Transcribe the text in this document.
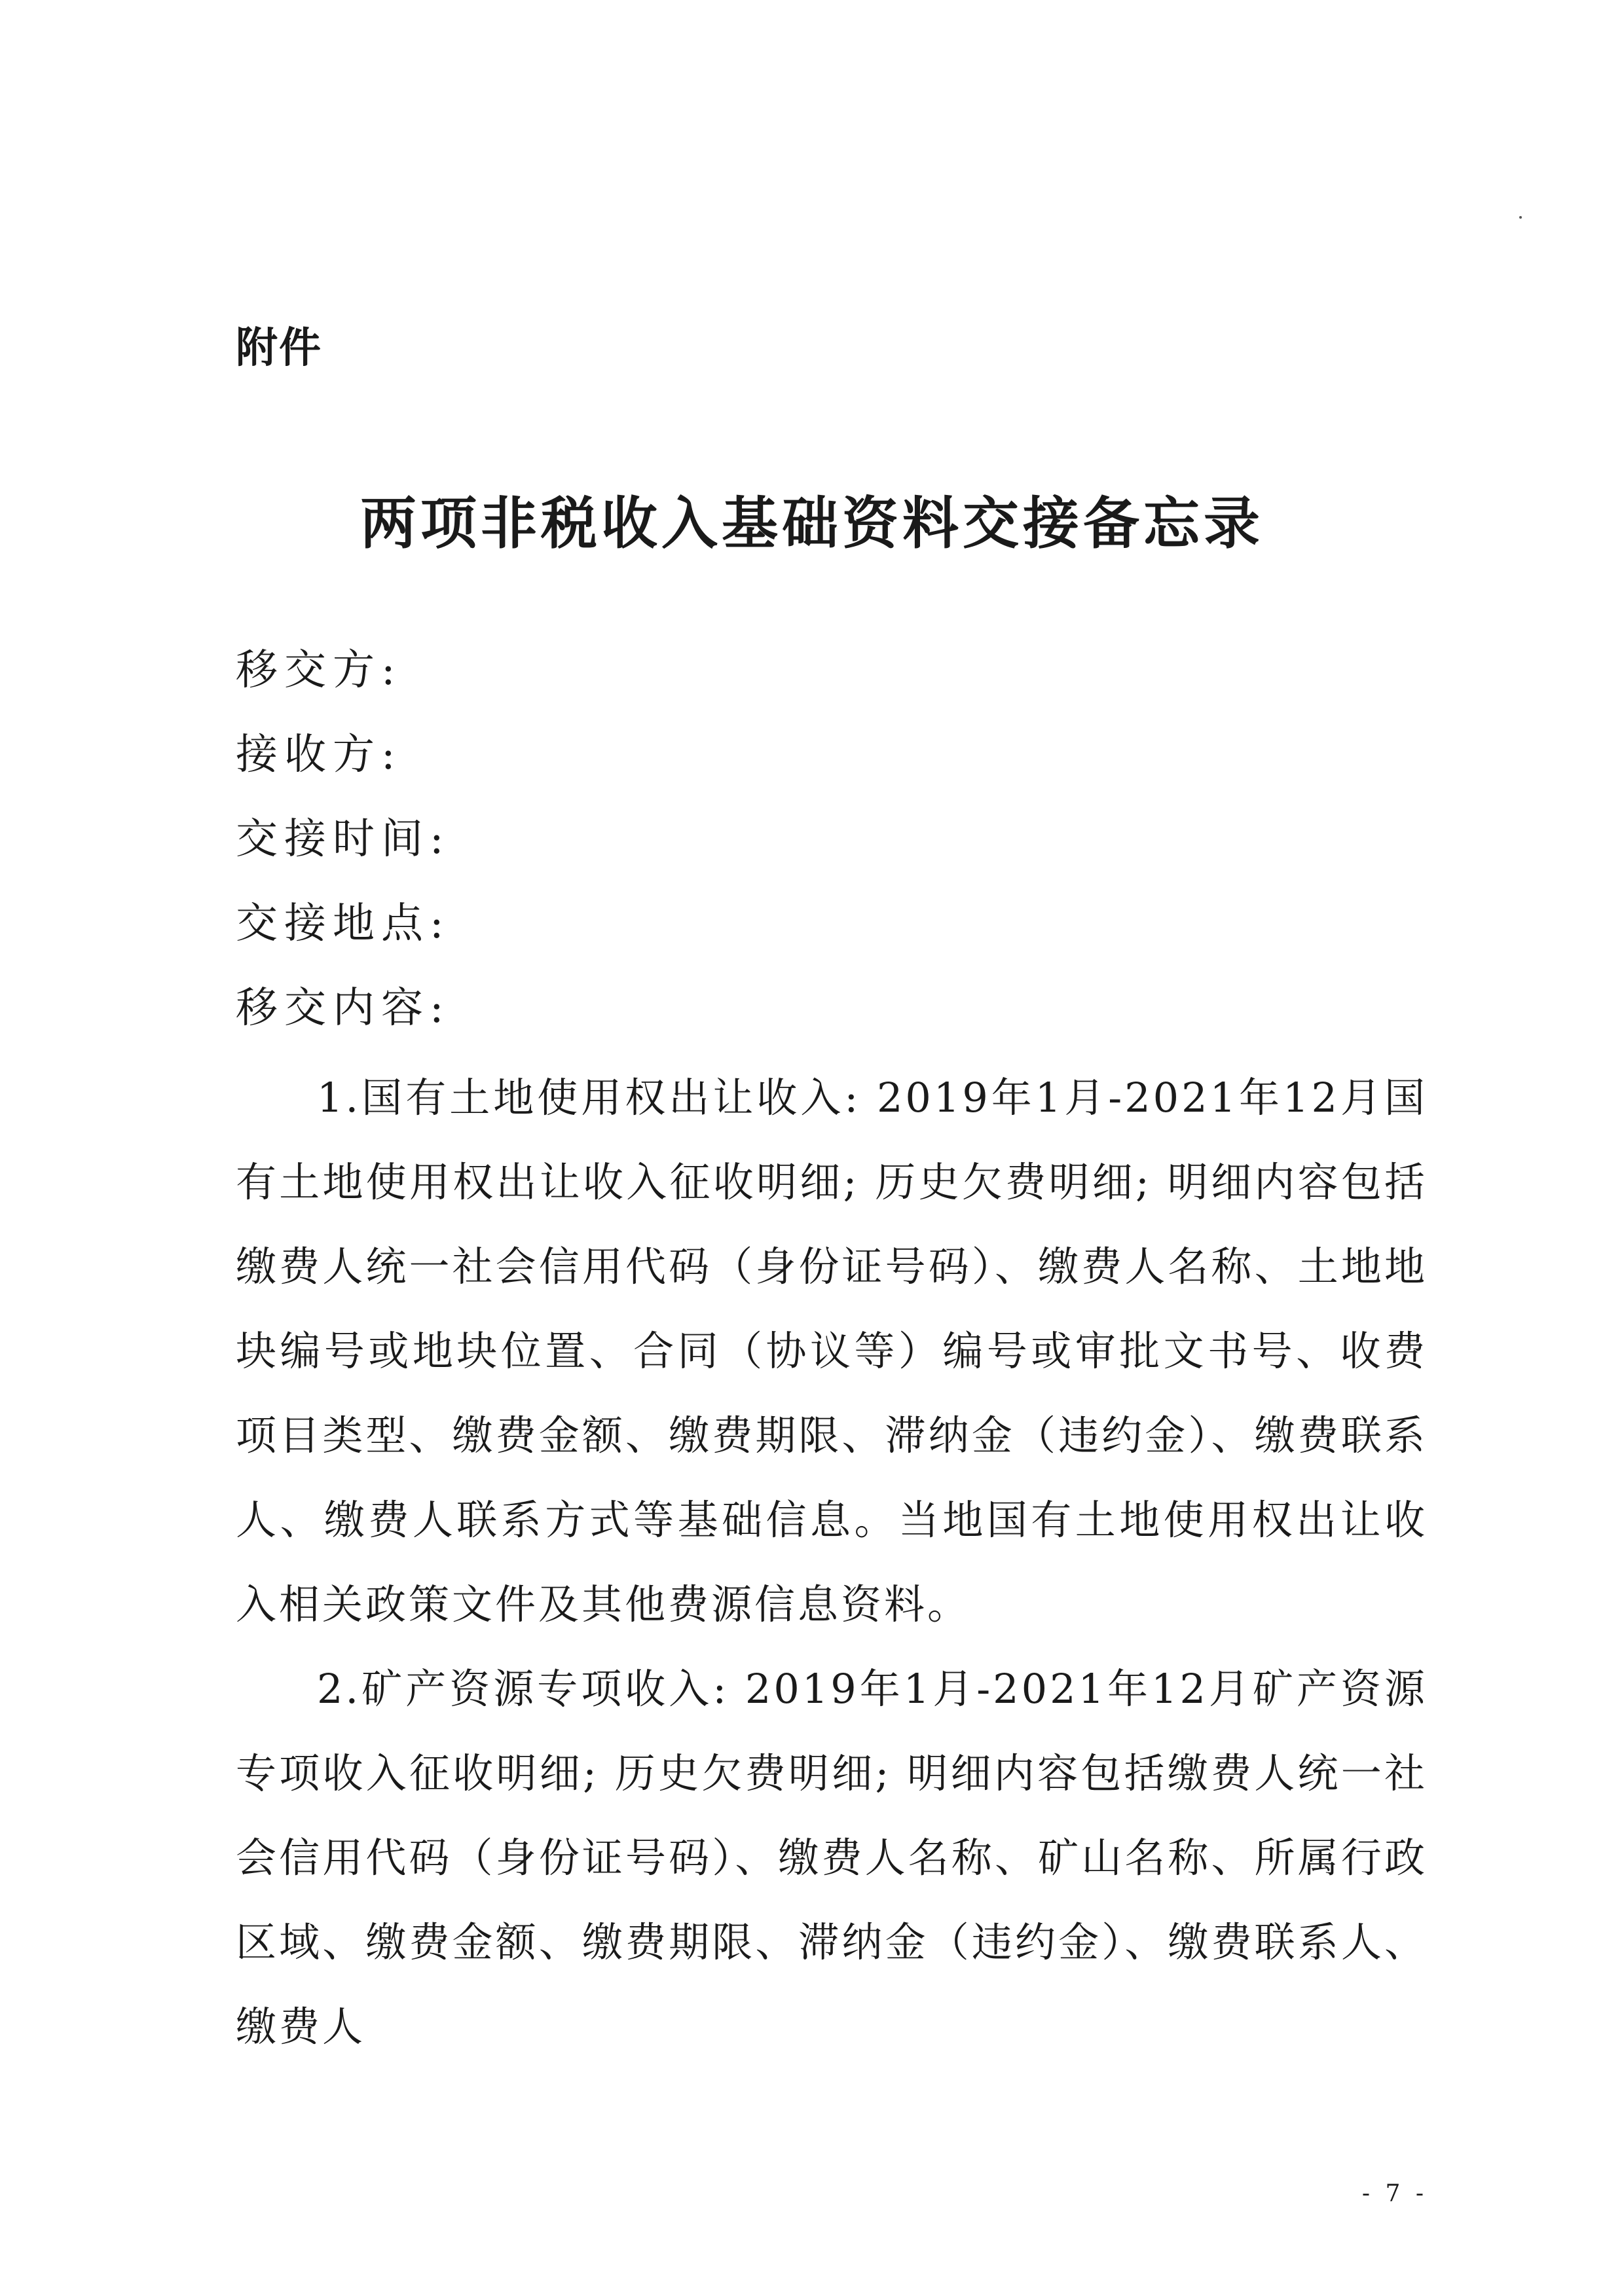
附件
两项非税收入基础资料交接备忘录
移交方:
接收方:
交接时间:
交接地点:
移交内容:

1.国有土地使用权出让收入: 2019年1月-2021年12月国有土地使用权出让收入征收明细; 历史欠费明细; 明细内容包括缴费人统一社会信用代码（身份证号码）、缴费人名称、土地地块编号或地块位置、合同（协议等）编号或审批文书号、收费项目类型、缴费金额、缴费期限、滞纳金（违约金）、缴费联系人、缴费人联系方式等基础信息。当地国有土地使用权出让收入相关政策文件及其他费源信息资料。

2.矿产资源专项收入: 2019年1月-2021年12月矿产资源专项收入征收明细; 历史欠费明细; 明细内容包括缴费人统一社会信用代码（身份证号码）、缴费人名称、矿山名称、所属行政区域、缴费金额、缴费期限、滞纳金（违约金）、缴费联系人、缴费人

- 7 -
